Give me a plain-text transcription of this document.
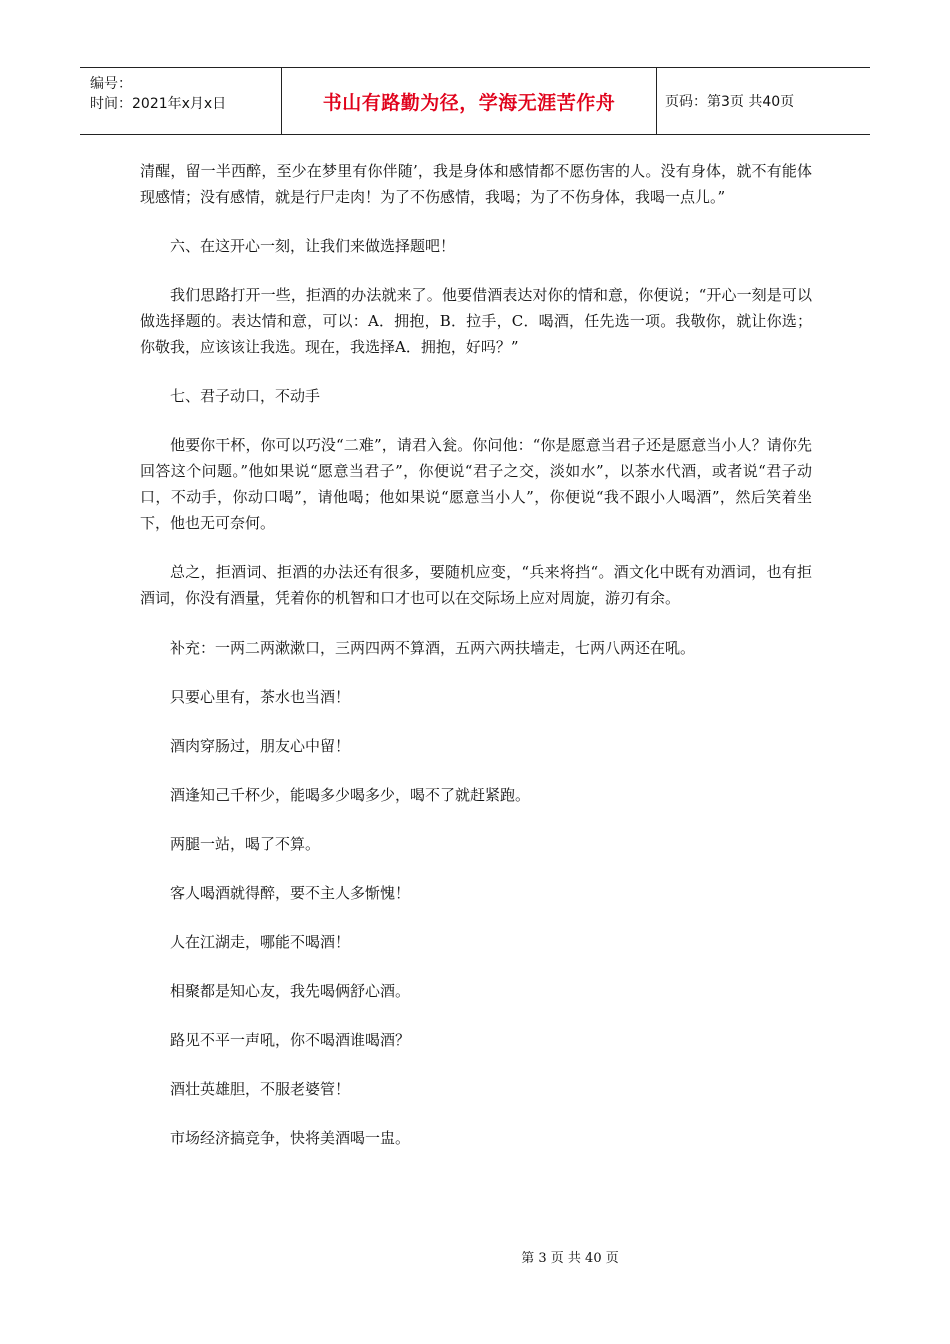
编号：
时间：2021年x月x日	书山有路勤为径，学海无涯苦作舟	页码：第3页 共40页

清醒，留一半西醉，至少在梦里有你伴随’，我是身体和感情都不愿伤害的人。没有身体，就不有能体现感情；没有感情，就是行尸走肉！为了不伤感情，我喝；为了不伤身体，我喝一点儿。”

六、在这开心一刻，让我们来做选择题吧！

我们思路打开一些，拒酒的办法就来了。他要借酒表达对你的情和意，你便说；“开心一刻是可以做选择题的。表达情和意，可以：A．拥抱，B．拉手，C．喝酒，任先选一项。我敬你，就让你选；你敬我，应该该让我选。现在，我选择A．拥抱，好吗？”

七、君子动口，不动手

他要你干杯，你可以巧没“二难”，请君入瓮。你问他：“你是愿意当君子还是愿意当小人？请你先回答这个问题。”他如果说“愿意当君子”，你便说“君子之交，淡如水”，以茶水代酒，或者说“君子动口，不动手，你动口喝”，请他喝；他如果说“愿意当小人”，你便说“我不跟小人喝酒”，然后笑着坐下，他也无可奈何。

总之，拒酒词、拒酒的办法还有很多，要随机应变，“兵来将挡“。酒文化中既有劝酒词，也有拒酒词，你没有酒量，凭着你的机智和口才也可以在交际场上应对周旋，游刃有余。

补充：一两二两漱漱口，三两四两不算酒，五两六两扶墙走，七两八两还在吼。

只要心里有，茶水也当酒！

酒肉穿肠过，朋友心中留！

酒逢知己千杯少，能喝多少喝多少，喝不了就赶紧跑。

两腿一站，喝了不算。

客人喝酒就得醉，要不主人多惭愧！

人在江湖走，哪能不喝酒！

相聚都是知心友，我先喝俩舒心酒。

路见不平一声吼，你不喝酒谁喝酒？

酒壮英雄胆，不服老婆管！

市场经济搞竞争，快将美酒喝一盅。

第 3 页 共 40 页
